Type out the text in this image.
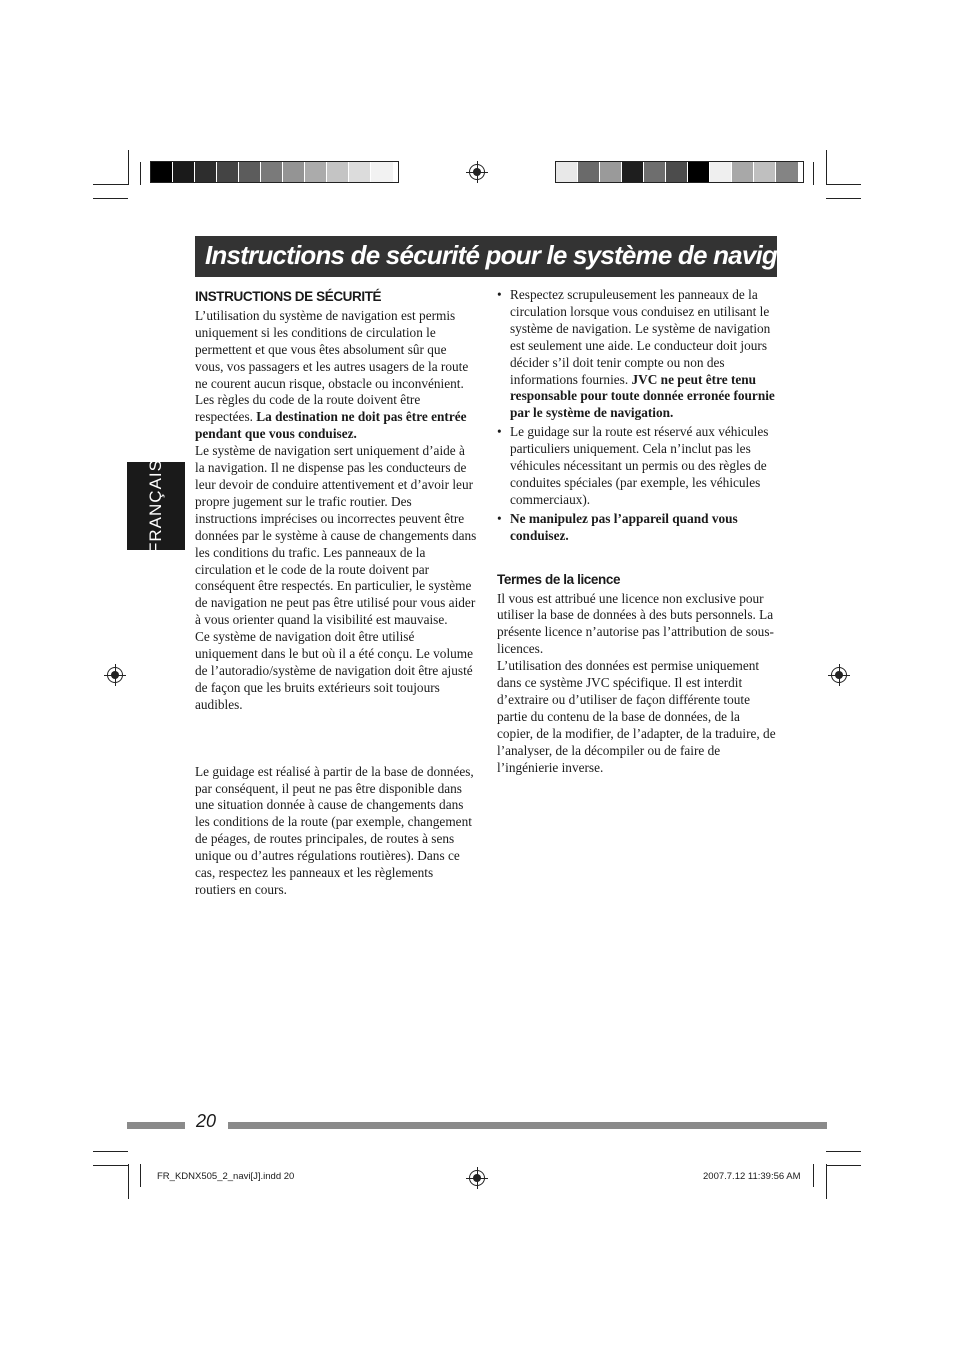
Instructions de sécurité pour le système de navigation
FRANÇAIS

INSTRUCTIONS DE SÉCURITÉ

L’utilisation du système de navigation est permis uniquement si les conditions de circulation le permettent et que vous êtes absolument sûr que vous, vos passagers et les autres usagers de la route ne courent aucun risque, obstacle ou inconvénient. Les règles du code de la route doivent être respectées. La destination ne doit pas être entrée pendant que vous conduisez.

Le système de navigation sert uniquement d’aide à la navigation. Il ne dispense pas les conducteurs de leur devoir de conduire attentivement et d’avoir leur propre jugement sur le trafic routier. Des instructions imprécises ou incorrectes peuvent être données par le système à cause de changements dans les conditions du trafic. Les panneaux de la circulation et le code de la route doivent par conséquent être respectés. En particulier, le système de navigation ne peut pas être utilisé pour vous aider à vous orienter quand la visibilité est mauvaise.

Ce système de navigation doit être utilisé uniquement dans le but où il a été conçu. Le volume de l’autoradio/système de navigation doit être ajusté de façon que les bruits extérieurs soit toujours audibles.

Le guidage est réalisé à partir de la base de données, par conséquent, il peut ne pas être disponible dans une situation donnée à cause de changements dans les conditions de la route (par exemple, changement de péages, de routes principales, de routes à sens unique ou d’autres régulations routières). Dans ce cas, respectez les panneaux et les règlements routiers en cours.

• Respectez scrupuleusement les panneaux de la circulation lorsque vous conduisez en utilisant le système de navigation. Le système de navigation est seulement une aide. Le conducteur doit jours décider s’il doit tenir compte ou non des informations fournies. JVC ne peut être tenu responsable pour toute donnée erronée fournie par le système de navigation.
• Le guidage sur la route est réservé aux véhicules particuliers uniquement. Cela n’inclut pas les véhicules nécessitant un permis ou des règles de conduites spéciales (par exemple, les véhicules commerciaux).
• Ne manipulez pas l’appareil quand vous conduisez.

Termes de la licence

Il vous est attribué une licence non exclusive pour utiliser la base de données à des buts personnels. La présente licence n’autorise pas l’attribution de sous-licences.

L’utilisation des données est permise uniquement dans ce système JVC spécifique. Il est interdit d’extraire ou d’utiliser de façon différente toute partie du contenu de la base de données, de la copier, de la modifier, de l’adapter, de la traduire, de l’analyser, de la décompiler ou de faire de l’ingénierie inverse.

20
FR_KDNX505_2_navi[J].indd 20	2007.7.12 11:39:56 AM
